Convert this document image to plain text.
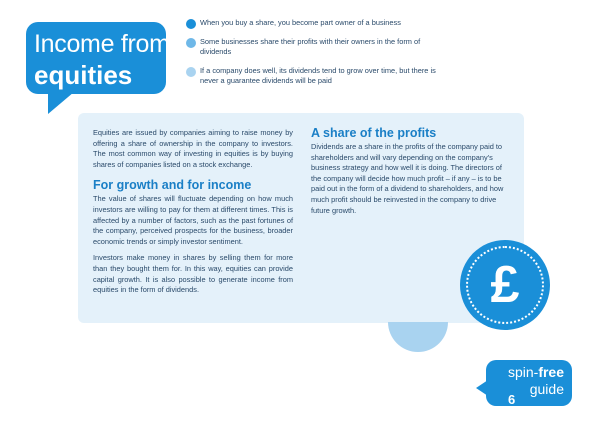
Income from
equities
When you buy a share, you become part owner of a business
Some businesses share their profits with their owners in the form of dividends
If a company does well, its dividends tend to grow over time, but there is never a guarantee dividends will be paid

Equities are issued by companies aiming to raise money by offering a share of ownership in the company to investors. The most common way of investing in equities is by buying shares of companies listed on a stock exchange.

For growth and for income

The value of shares will fluctuate depending on how much investors are willing to pay for them at different times. This is affected by a number of factors, such as the past fortunes of the company, perceived prospects for the business, broader economic trends or simply investor sentiment.

Investors make money in shares by selling them for more than they bought them for. In this way, equities can provide capital growth. It is also possible to generate income from equities in the form of dividends.

A share of the profits

Dividends are a share in the profits of the company paid to shareholders and will vary depending on the company's business strategy and how well it is doing. The directors of the company will decide how much profit – if any – is to be paid out in the form of a dividend to shareholders, and how much profit should be reinvested in the company to drive future growth.

£
spin-free
guide
6
